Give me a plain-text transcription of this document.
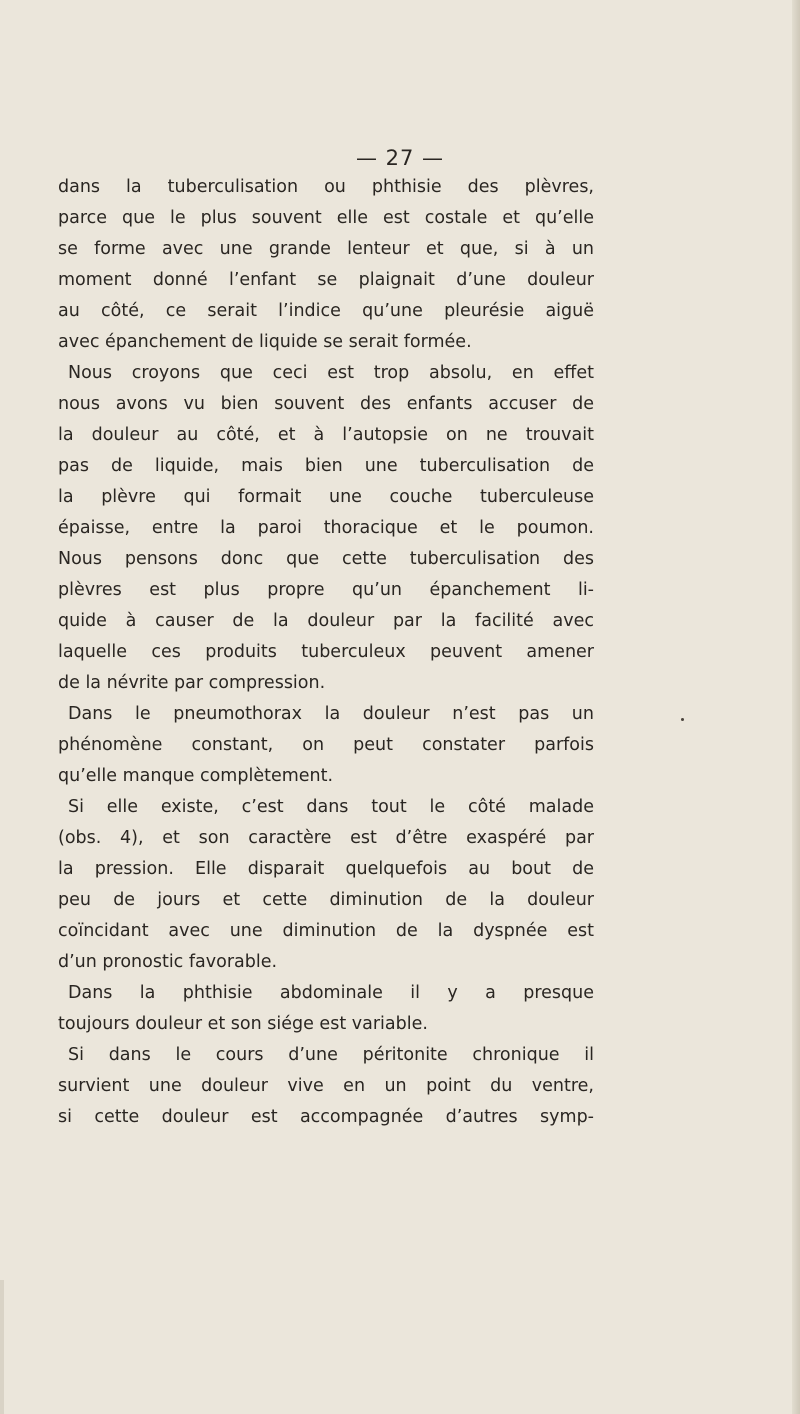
— 27 —
dans la tuberculisation ou phthisie des plèvres,
parce que le plus souvent elle est costale et qu’elle
se forme avec une grande lenteur et que, si à un
moment donné l’enfant se plaignait d’une douleur
au côté, ce serait l’indice qu’une pleurésie aiguë
avec épanchement de liquide se serait formée.
Nous croyons que ceci est trop absolu, en effet
nous avons vu bien souvent des enfants accuser de
la douleur au côté, et à l’autopsie on ne trouvait
pas de liquide, mais bien une tuberculisation de
la plèvre qui formait une couche tuberculeuse
épaisse, entre la paroi thoracique et le poumon.
Nous pensons donc que cette tuberculisation des
plèvres est plus propre qu’un épanchement li-
quide à causer de la douleur par la facilité avec
laquelle ces produits tuberculeux peuvent amener
de la névrite par compression.
Dans le pneumothorax la douleur n’est pas un
phénomène constant, on peut constater parfois
qu’elle manque complètement.
Si elle existe, c’est dans tout le côté malade
(obs. 4), et son caractère est d’être exaspéré par
la pression. Elle disparait quelquefois au bout de
peu de jours et cette diminution de la douleur
coïncidant avec une diminution de la dyspnée est
d’un pronostic favorable.
Dans la phthisie abdominale il y a presque
toujours douleur et son siége est variable.
Si dans le cours d’une péritonite chronique il
survient une douleur vive en un point du ventre,
si cette douleur est accompagnée d’autres symp-
